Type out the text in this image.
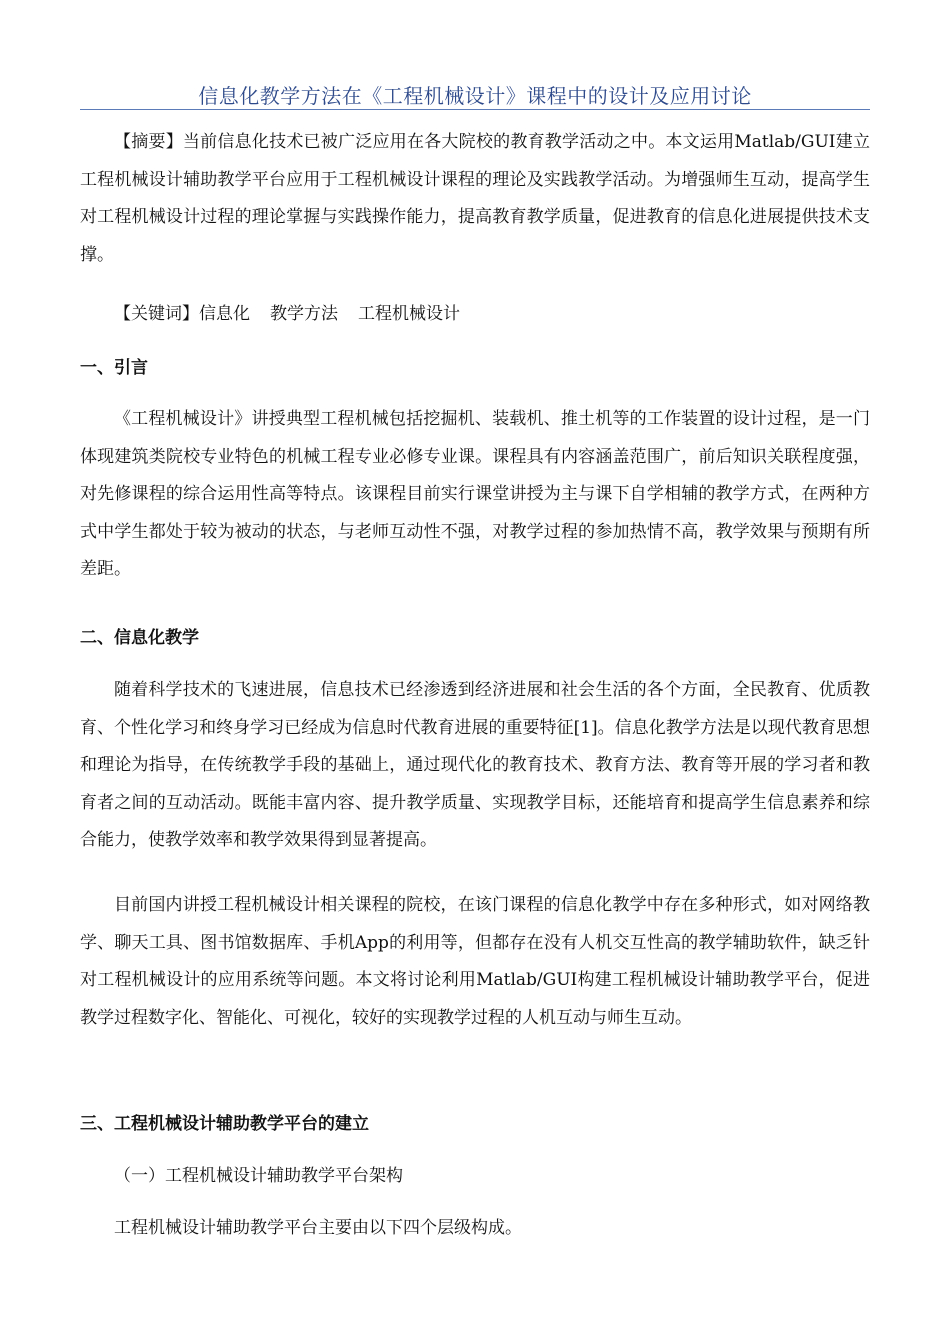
信息化教学方法在《工程机械设计》课程中的设计及应用讨论

【摘要】当前信息化技术已被广泛应用在各大院校的教育教学活动之中。本文运用Matlab/GUI建立工程机械设计辅助教学平台应用于工程机械设计课程的理论及实践教学活动。为增强师生互动，提高学生对工程机械设计过程的理论掌握与实践操作能力，提高教育教学质量，促进教育的信息化进展提供技术支撑。

【关键词】信息化 教学方法 工程机械设计
一、引言

《工程机械设计》讲授典型工程机械包括挖掘机、装载机、推土机等的工作装置的设计过程，是一门体现建筑类院校专业特色的机械工程专业必修专业课。课程具有内容涵盖范围广，前后知识关联程度强，对先修课程的综合运用性高等特点。该课程目前实行课堂讲授为主与课下自学相辅的教学方式，在两种方式中学生都处于较为被动的状态，与老师互动性不强，对教学过程的参加热情不高，教学效果与预期有所差距。

二、信息化教学

随着科学技术的飞速进展，信息技术已经渗透到经济进展和社会生活的各个方面，全民教育、优质教育、个性化学习和终身学习已经成为信息时代教育进展的重要特征[1]。信息化教学方法是以现代教育思想和理论为指导，在传统教学手段的基础上，通过现代化的教育技术、教育方法、教育等开展的学习者和教育者之间的互动活动。既能丰富内容、提升教学质量、实现教学目标，还能培育和提高学生信息素养和综合能力，使教学效率和教学效果得到显著提高。

目前国内讲授工程机械设计相关课程的院校，在该门课程的信息化教学中存在多种形式，如对网络教学、聊天工具、图书馆数据库、手机App的利用等，但都存在没有人机交互性高的教学辅助软件，缺乏针对工程机械设计的应用系统等问题。本文将讨论利用Matlab/GUI构建工程机械设计辅助教学平台，促进教学过程数字化、智能化、可视化，较好的实现教学过程的人机互动与师生互动。

三、工程机械设计辅助教学平台的建立
（一）工程机械设计辅助教学平台架构

工程机械设计辅助教学平台主要由以下四个层级构成。
